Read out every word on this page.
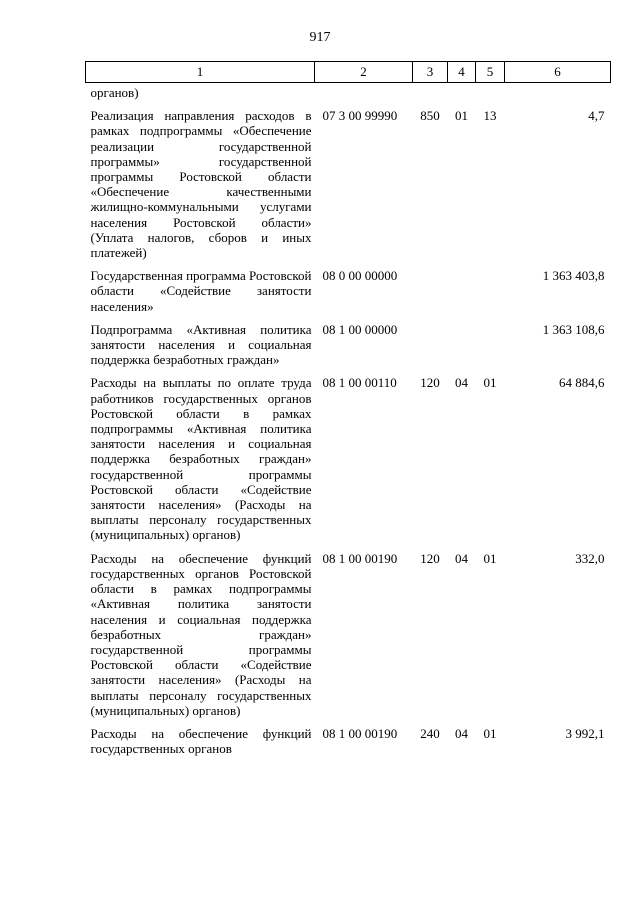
917
1	2	3	4	5	6
органов)					
Реализация направления расходов в рамках подпрограммы «Обеспечение реализации государственной программы» государственной программы Ростовской области «Обеспечение качественными жилищно-коммунальными услугами населения Ростовской области» (Уплата налогов, сборов и иных платежей)	07 3 00 99990	850	01	13	4,7
Государственная программа Ростовской области «Содействие занятости населения»	08 0 00 00000				1 363 403,8
Подпрограмма «Активная политика занятости населения и социальная поддержка безработных граждан»	08 1 00 00000				1 363 108,6
Расходы на выплаты по оплате труда работников государственных органов Ростовской области в рамках подпрограммы «Активная политика занятости населения и социальная поддержка безработных граждан» государственной программы Ростовской области «Содействие занятости населения» (Расходы на выплаты персоналу государственных (муниципальных) органов)	08 1 00 00110	120	04	01	64 884,6
Расходы на обеспечение функций государственных органов Ростовской области в рамках подпрограммы «Активная политика занятости населения и социальная поддержка безработных граждан» государственной программы Ростовской области «Содействие занятости населения» (Расходы на выплаты персоналу государственных (муниципальных) органов)	08 1 00 00190	120	04	01	332,0
Расходы на обеспечение функций государственных органов	08 1 00 00190	240	04	01	3 992,1
